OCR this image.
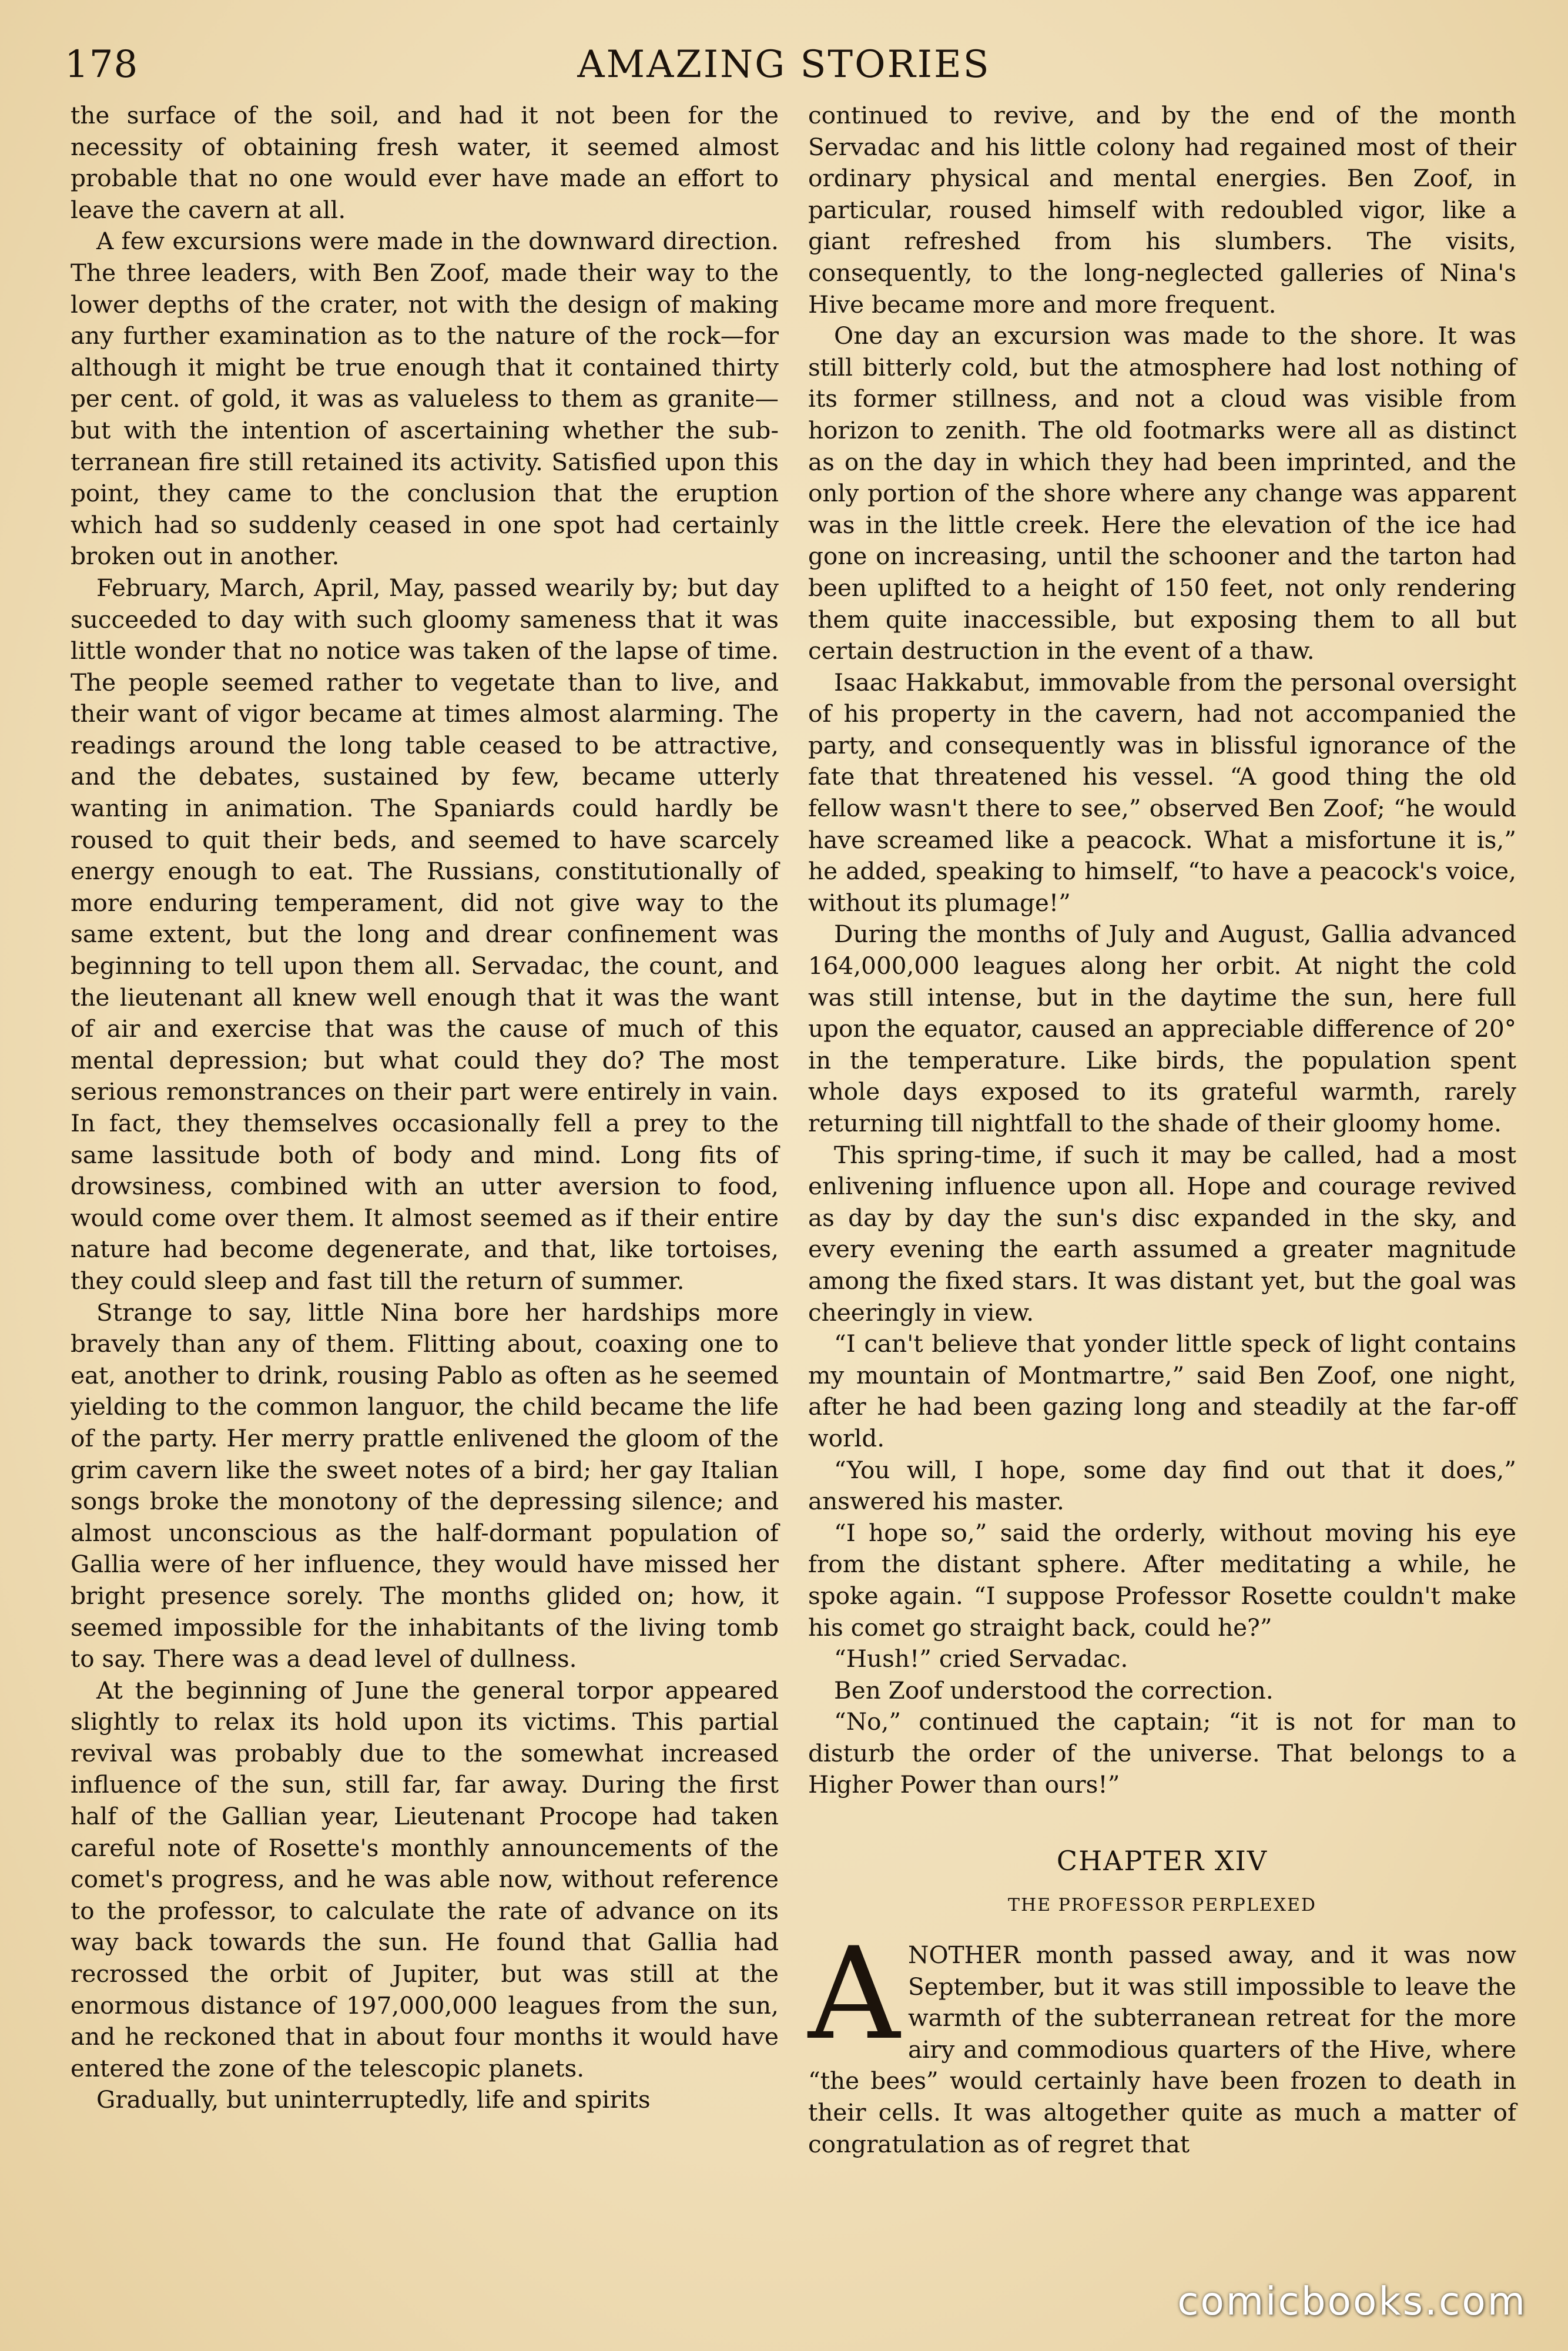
178	AMAZING STORIES

the surface of the soil, and had it not been for the necessity of obtaining fresh water, it seemed almost probable that no one would ever have made an effort to leave the cavern at all.

A few excursions were made in the downward direction. The three leaders, with Ben Zoof, made their way to the lower depths of the crater, not with the design of making any further examination as to the nature of the rock—for although it might be true enough that it contained thirty per cent. of gold, it was as valueless to them as granite—but with the intention of ascertaining whether the subterranean fire still retained its activity. Satisfied upon this point, they came to the conclusion that the eruption which had so suddenly ceased in one spot had certainly broken out in another.

February, March, April, May, passed wearily by; but day succeeded to day with such gloomy sameness that it was little wonder that no notice was taken of the lapse of time. The people seemed rather to vegetate than to live, and their want of vigor became at times almost alarming. The readings around the long table ceased to be attractive, and the debates, sustained by few, became utterly wanting in animation. The Spaniards could hardly be roused to quit their beds, and seemed to have scarcely energy enough to eat. The Russians, constitutionally of more enduring temperament, did not give way to the same extent, but the long and drear confinement was beginning to tell upon them all. Servadac, the count, and the lieutenant all knew well enough that it was the want of air and exercise that was the cause of much of this mental depression; but what could they do? The most serious remonstrances on their part were entirely in vain. In fact, they themselves occasionally fell a prey to the same lassitude both of body and mind. Long fits of drowsiness, combined with an utter aversion to food, would come over them. It almost seemed as if their entire nature had become degenerate, and that, like tortoises, they could sleep and fast till the return of summer.

Strange to say, little Nina bore her hardships more bravely than any of them. Flitting about, coaxing one to eat, another to drink, rousing Pablo as often as he seemed yielding to the common languor, the child became the life of the party. Her merry prattle enlivened the gloom of the grim cavern like the sweet notes of a bird; her gay Italian songs broke the monotony of the depressing silence; and almost unconscious as the half-dormant population of Gallia were of her influence, they would have missed her bright presence sorely. The months glided on; how, it seemed impossible for the inhabitants of the living tomb to say. There was a dead level of dullness.

At the beginning of June the general torpor appeared slightly to relax its hold upon its victims. This partial revival was probably due to the somewhat increased influence of the sun, still far, far away. During the first half of the Gallian year, Lieutenant Procope had taken careful note of Rosette's monthly announcements of the comet's progress, and he was able now, without reference to the professor, to calculate the rate of advance on its way back towards the sun. He found that Gallia had recrossed the orbit of Jupiter, but was still at the enormous distance of 197,000,000 leagues from the sun, and he reckoned that in about four months it would have entered the zone of the telescopic planets.

Gradually, but uninterruptedly, life and spirits

continued to revive, and by the end of the month Servadac and his little colony had regained most of their ordinary physical and mental energies. Ben Zoof, in particular, roused himself with redoubled vigor, like a giant refreshed from his slumbers. The visits, consequently, to the long-neglected galleries of Nina's Hive became more and more frequent.

One day an excursion was made to the shore. It was still bitterly cold, but the atmosphere had lost nothing of its former stillness, and not a cloud was visible from horizon to zenith. The old footmarks were all as distinct as on the day in which they had been imprinted, and the only portion of the shore where any change was apparent was in the little creek. Here the elevation of the ice had gone on increasing, until the schooner and the tarton had been uplifted to a height of 150 feet, not only rendering them quite inaccessible, but exposing them to all but certain destruction in the event of a thaw.

Isaac Hakkabut, immovable from the personal oversight of his property in the cavern, had not accompanied the party, and consequently was in blissful ignorance of the fate that threatened his vessel. “A good thing the old fellow wasn't there to see,” observed Ben Zoof; “he would have screamed like a peacock. What a misfortune it is,” he added, speaking to himself, “to have a peacock's voice, without its plumage!”

During the months of July and August, Gallia advanced 164,000,000 leagues along her orbit. At night the cold was still intense, but in the daytime the sun, here full upon the equator, caused an appreciable difference of 20° in the temperature. Like birds, the population spent whole days exposed to its grateful warmth, rarely returning till nightfall to the shade of their gloomy home.

This spring-time, if such it may be called, had a most enlivening influence upon all. Hope and courage revived as day by day the sun's disc expanded in the sky, and every evening the earth assumed a greater magnitude among the fixed stars. It was distant yet, but the goal was cheeringly in view.

“I can't believe that yonder little speck of light contains my mountain of Montmartre,” said Ben Zoof, one night, after he had been gazing long and steadily at the far-off world.

“You will, I hope, some day find out that it does,” answered his master.

“I hope so,” said the orderly, without moving his eye from the distant sphere. After meditating a while, he spoke again. “I suppose Professor Rosette couldn't make his comet go straight back, could he?”

“Hush!” cried Servadac.

Ben Zoof understood the correction.

“No,” continued the captain; “it is not for man to disturb the order of the universe. That belongs to a Higher Power than ours!”

CHAPTER XIV
THE PROFESSOR PERPLEXED

ANOTHER month passed away, and it was now September, but it was still impossible to leave the warmth of the subterranean retreat for the more airy and commodious quarters of the Hive, where “the bees” would certainly have been frozen to death in their cells. It was altogether quite as much a matter of congratulation as of regret that

comicbooks.com
